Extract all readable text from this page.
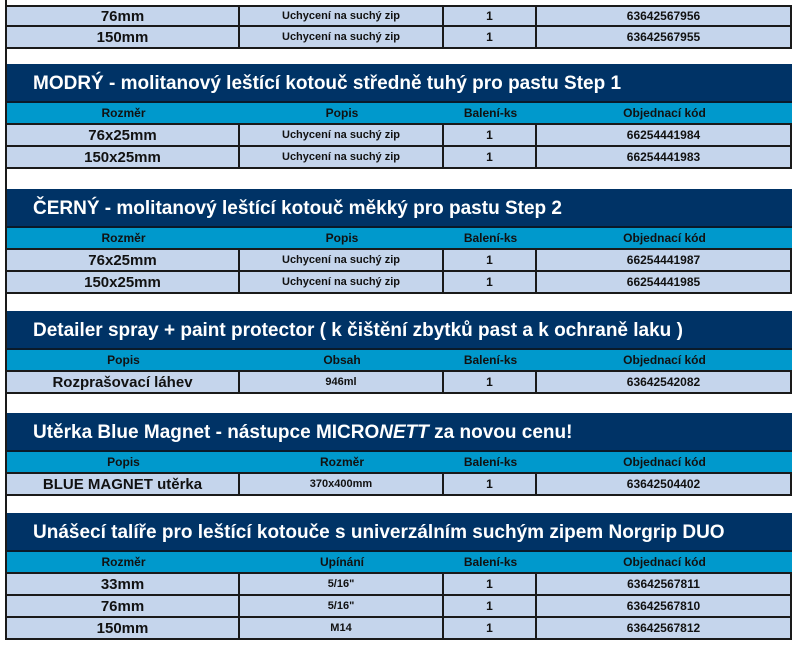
76mm	Uchycení na suchý zip	1	63642567956
150mm	Uchycení na suchý zip	1	63642567955
MODRÝ - molitanový leštící kotouč středně tuhý pro pastu Step 1
Rozměr	Popis	Balení-ks	Objednací kód
76x25mm	Uchycení na suchý zip	1	66254441984
150x25mm	Uchycení na suchý zip	1	66254441983
ČERNÝ - molitanový leštící kotouč měkký pro pastu Step 2
Rozměr	Popis	Balení-ks	Objednací kód
76x25mm	Uchycení na suchý zip	1	66254441987
150x25mm	Uchycení na suchý zip	1	66254441985
Detailer spray + paint protector ( k čištění zbytků past a k ochraně laku )
Popis	Obsah	Balení-ks	Objednací kód
Rozprašovací láhev	946ml	1	63642542082
Utěrka Blue Magnet - nástupce MICRONETT za novou cenu!
Popis	Rozměr	Balení-ks	Objednací kód
BLUE MAGNET utěrka	370x400mm	1	63642504402
Unášecí talíře pro leštící kotouče s univerzálním suchým zipem Norgrip DUO
Rozměr	Upínání	Balení-ks	Objednací kód
33mm	5/16"	1	63642567811
76mm	5/16"	1	63642567810
150mm	M14	1	63642567812
